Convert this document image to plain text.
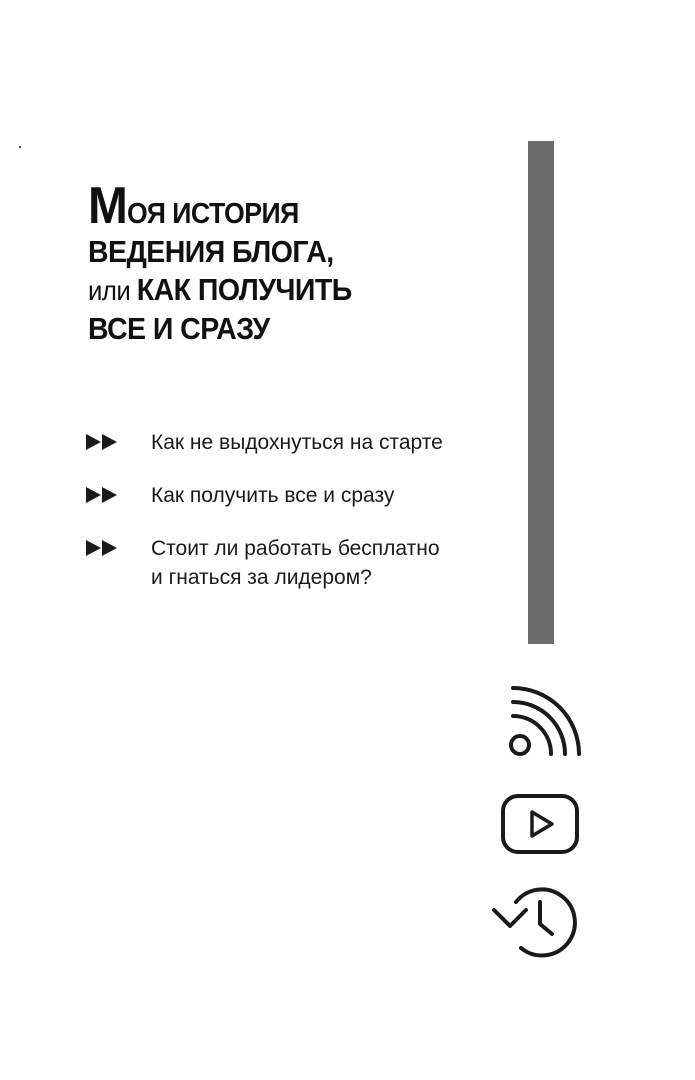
МОЯ ИСТОРИЯ
ВЕДЕНИЯ БЛОГА,
или КАК ПОЛУЧИТЬ
ВСЕ И СРАЗУ
Как не выдохнуться на старте
Как получить все и сразу
Стоит ли работать бесплатно
и гнаться за лидером?
